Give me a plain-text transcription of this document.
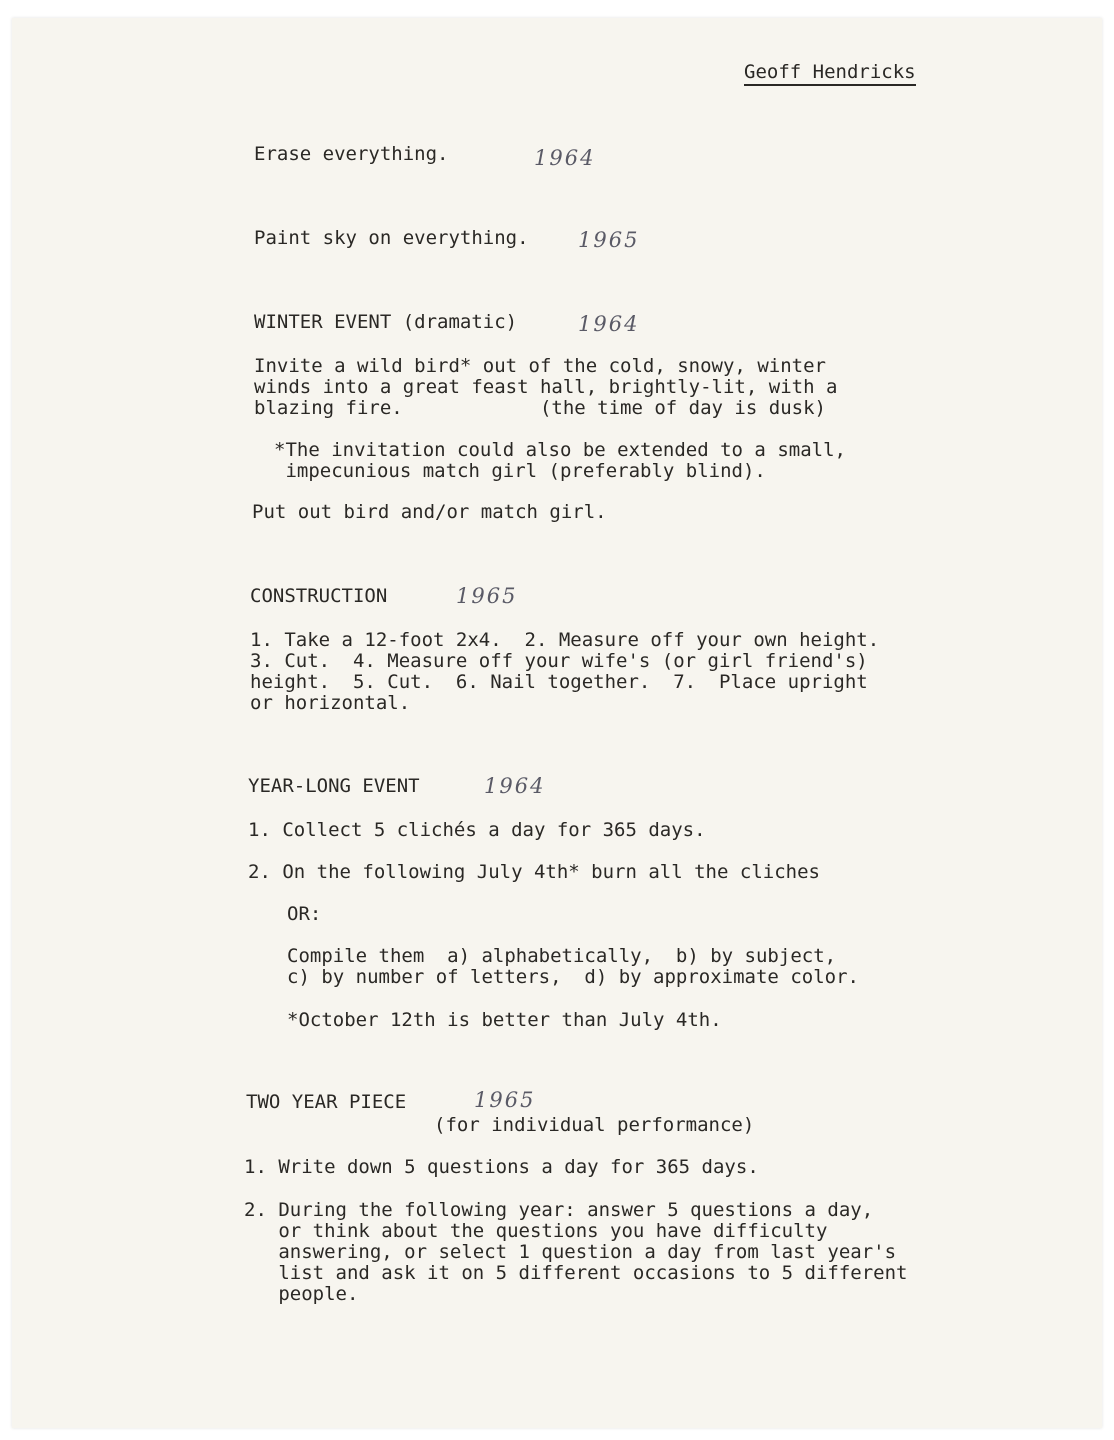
Geoff Hendricks
Erase everything.	1964
Paint sky on everything. 1965
WINTER EVENT (dramatic)	1964
Invite a wild bird* out of the cold, snowy, winter
winds into a great feast hall, brightly-lit, with a
blazing fire.            (the time of day is dusk)
*The invitation could also be extended to a small,
impecunious match girl (preferably blind).
Put out bird and/or match girl.
CONSTRUCTION	1965
1. Take a 12-foot 2x4.  2. Measure off your own height.
3. Cut.  4. Measure off your wife's (or girl friend's)
height.  5. Cut.  6. Nail together.  7.  Place upright
or horizontal.
YEAR-LONG EVENT	1964
1. Collect 5 clichés a day for 365 days.
2. On the following July 4th* burn all the cliches
OR:
Compile them  a) alphabetically,  b) by subject,
c) by number of letters,  d) by approximate color.
*October 12th is better than July 4th.
TWO YEAR PIECE	1965
(for individual performance)
1. Write down 5 questions a day for 365 days.
2. During the following year: answer 5 questions a day,
or think about the questions you have difficulty
answering, or select 1 question a day from last year's
list and ask it on 5 different occasions to 5 different
people.
